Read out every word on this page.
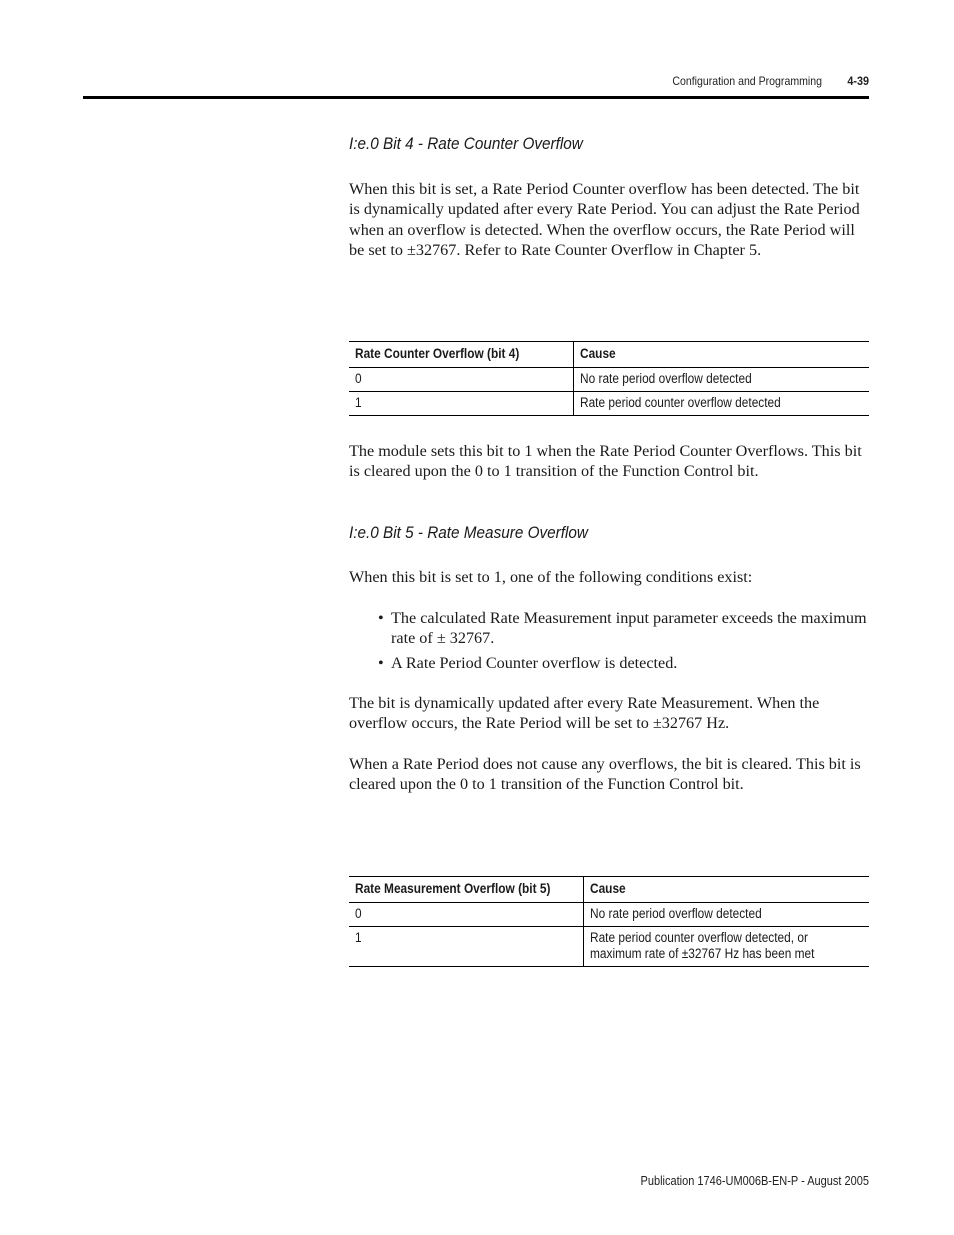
Configuration and Programming	4-39
I:e.0 Bit 4 - Rate Counter Overflow

When this bit is set, a Rate Period Counter overflow has been detected. The bit is dynamically updated after every Rate Period. You can adjust the Rate Period when an overflow is detected. When the overflow occurs, the Rate Period will be set to ±32767. Refer to Rate Counter Overflow in Chapter 5.

Rate Counter Overflow (bit 4)	Cause
0	No rate period overflow detected
1	Rate period counter overflow detected

The module sets this bit to 1 when the Rate Period Counter Overflows. This bit is cleared upon the 0 to 1 transition of the Function Control bit.

I:e.0 Bit 5 - Rate Measure Overflow

When this bit is set to 1, one of the following conditions exist:

• The calculated Rate Measurement input parameter exceeds the maximum rate of ± 32767.
• A Rate Period Counter overflow is detected.

The bit is dynamically updated after every Rate Measurement. When the overflow occurs, the Rate Period will be set to ±32767 Hz.

When a Rate Period does not cause any overflows, the bit is cleared. This bit is cleared upon the 0 to 1 transition of the Function Control bit.

Rate Measurement Overflow (bit 5)	Cause
0	No rate period overflow detected
1	Rate period counter overflow detected, or
maximum rate of ±32767 Hz has been met
Publication 1746-UM006B-EN-P - August 2005
